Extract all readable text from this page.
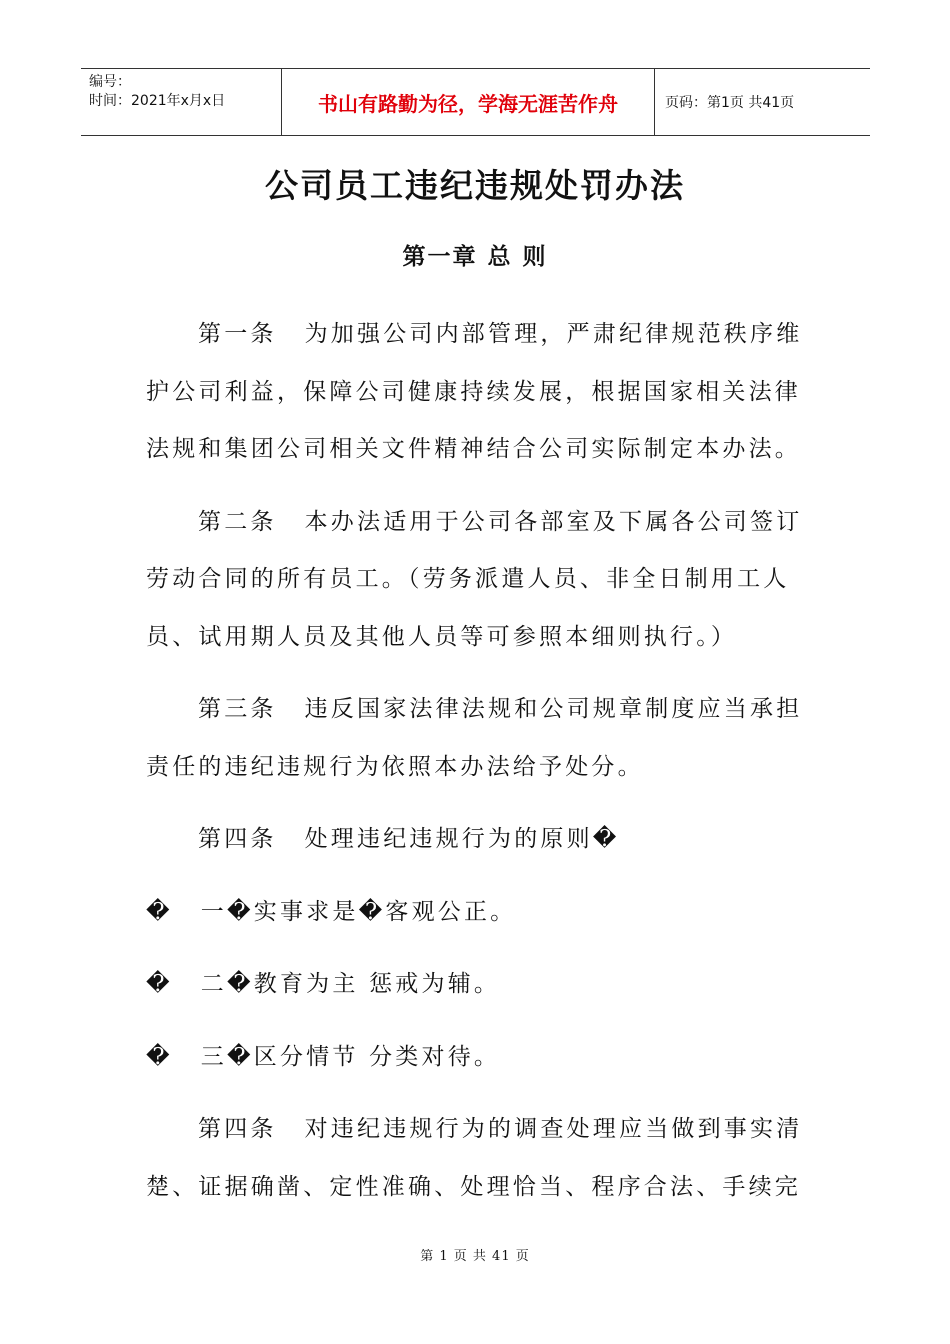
编号：
时间：2021年x月x日	书山有路勤为径，学海无涯苦作舟	页码：第1页 共41页
公司员工违纪违规处罚办法
第一章 总 则

第一条 为加强公司内部管理，严肃纪律规范秩序维护公司利益，保障公司健康持续发展，根据国家相关法律法规和集团公司相关文件精神结合公司实际制定本办法。

第二条 本办法适用于公司各部室及下属各公司签订劳动合同的所有员工。（劳务派遣人员、非全日制用工人员、试用期人员及其他人员等可参照本细则执行。）

第三条 违反国家法律法规和公司规章制度应当承担责任的违纪违规行为依照本办法给予处分。

第四条 处理违纪违规行为的原则�

� 一�实事求是�客观公正。

� 二�教育为主 惩戒为辅。

� 三�区分情节 分类对待。

第四条 对违纪违规行为的调查处理应当做到事实清楚、证据确凿、定性准确、处理恰当、程序合法、手续完

第 1 页 共 41 页
